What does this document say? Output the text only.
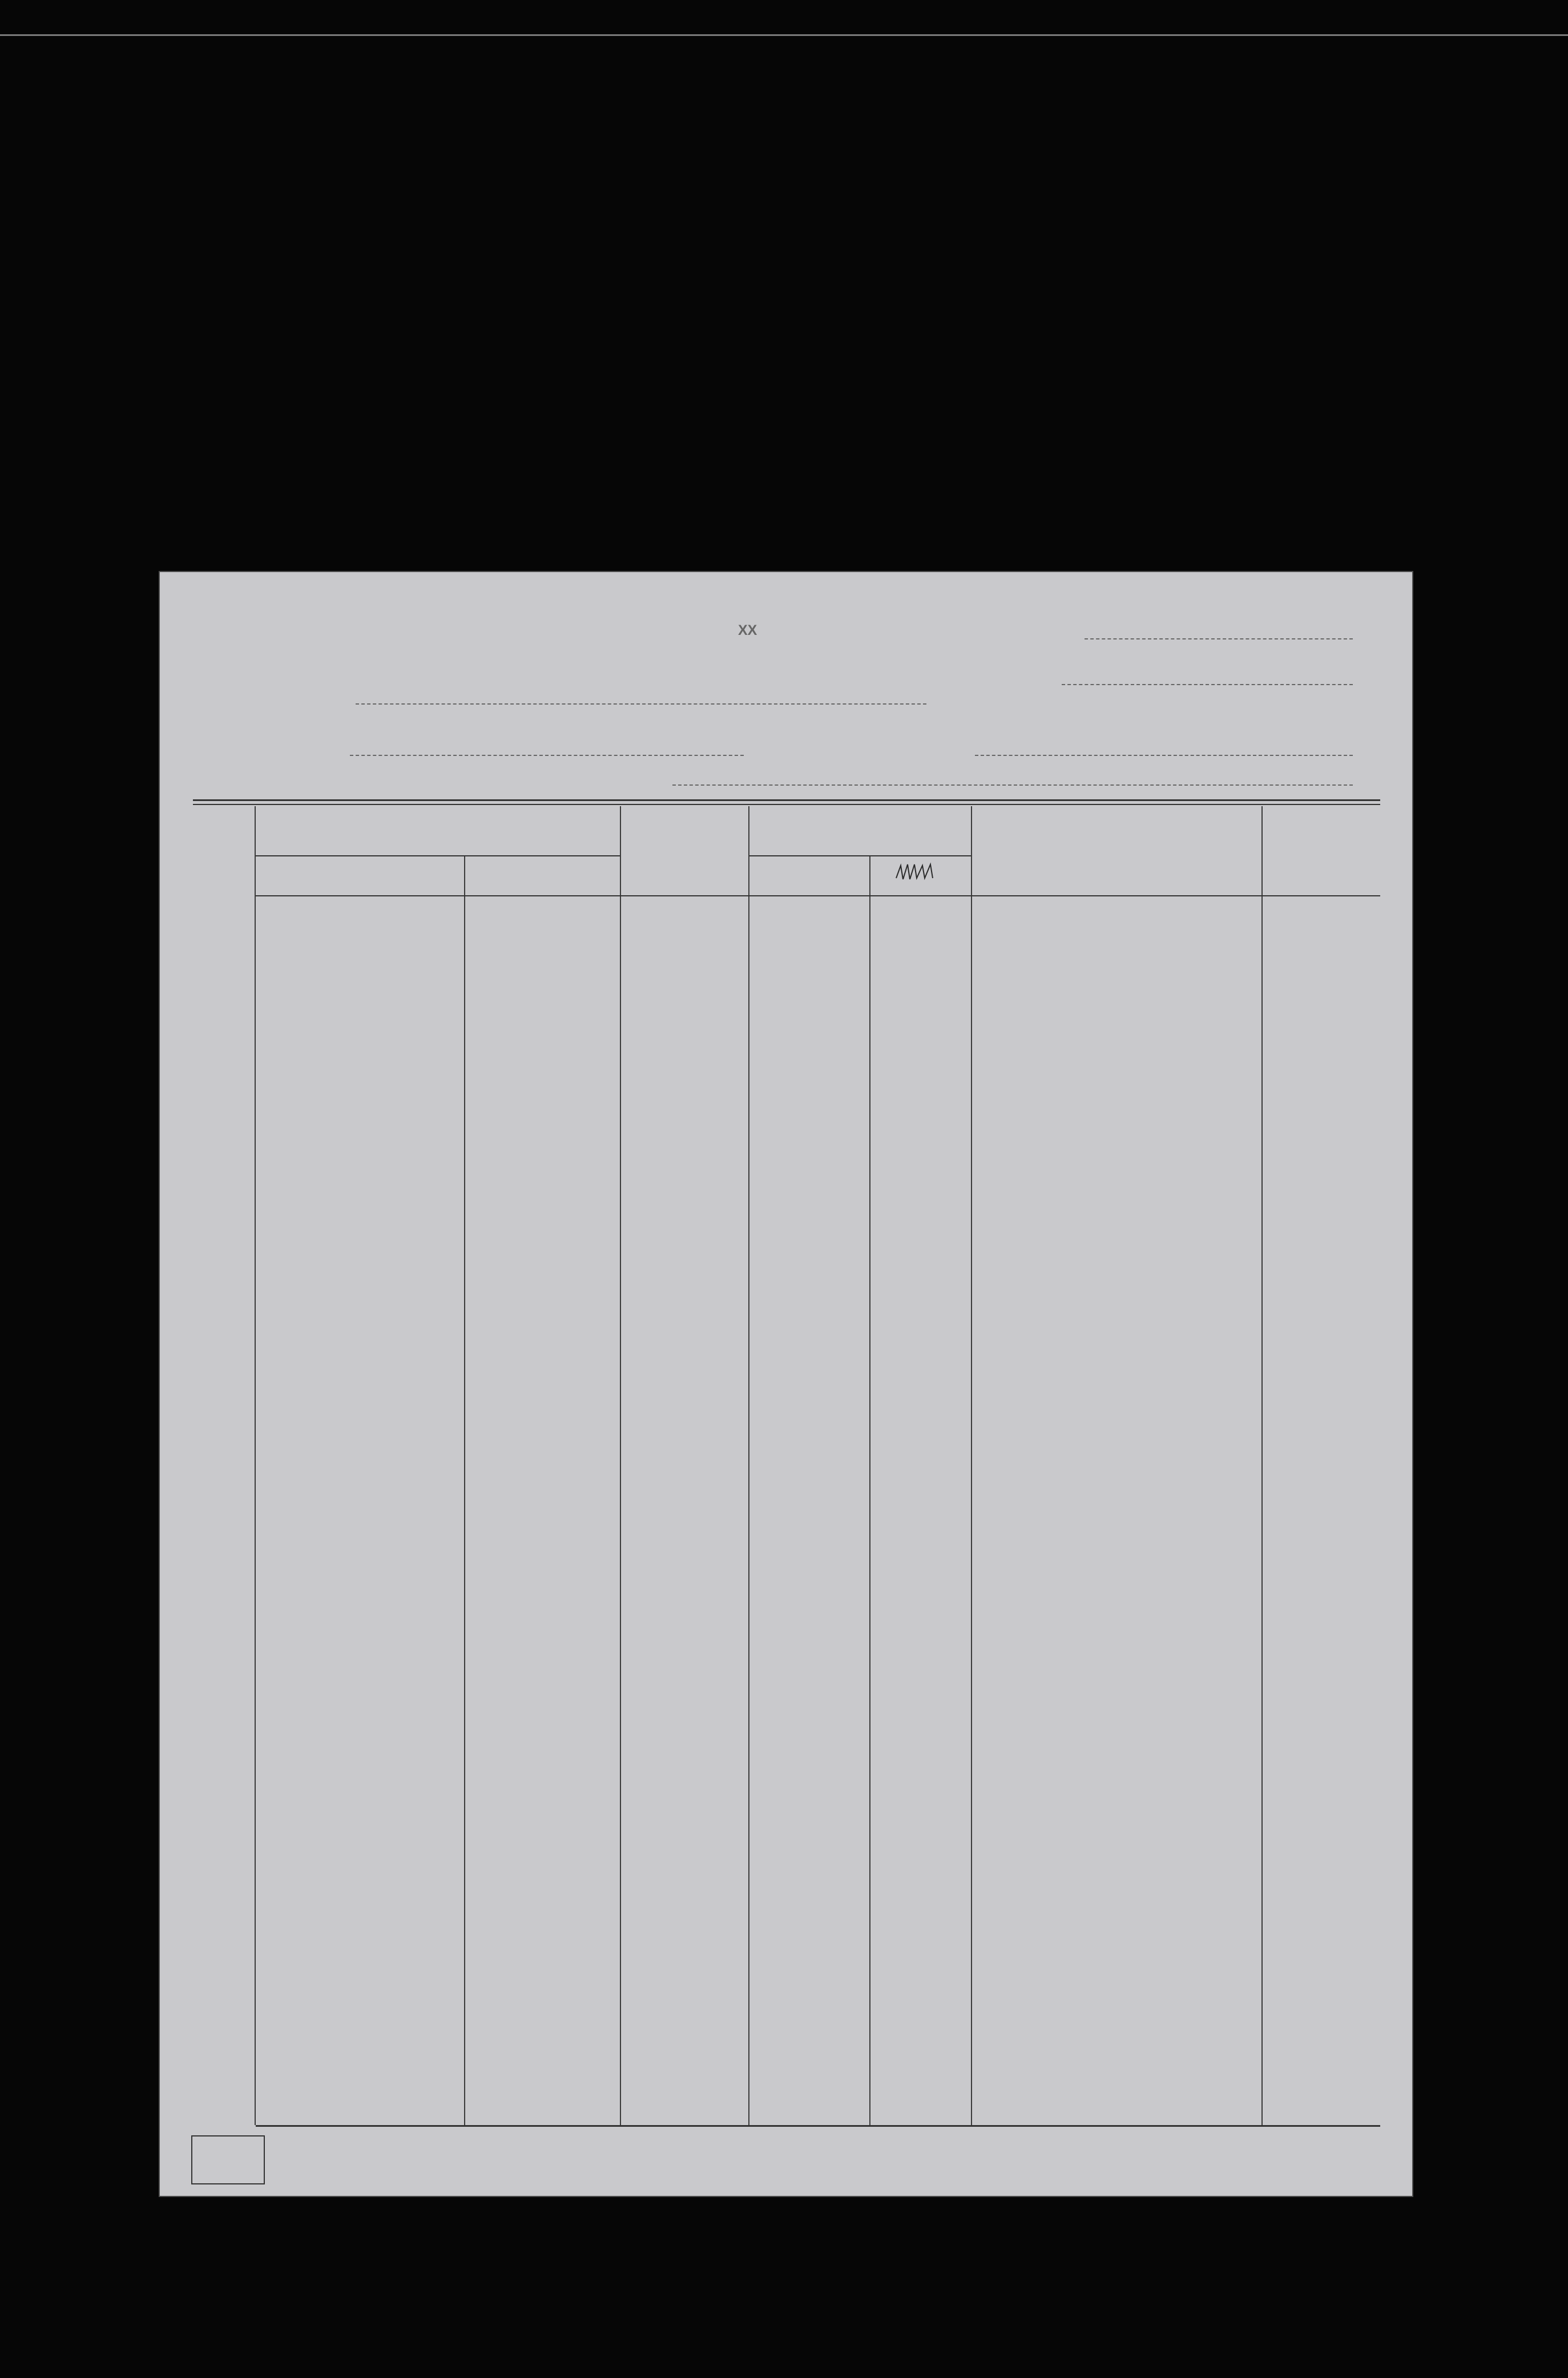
XX
